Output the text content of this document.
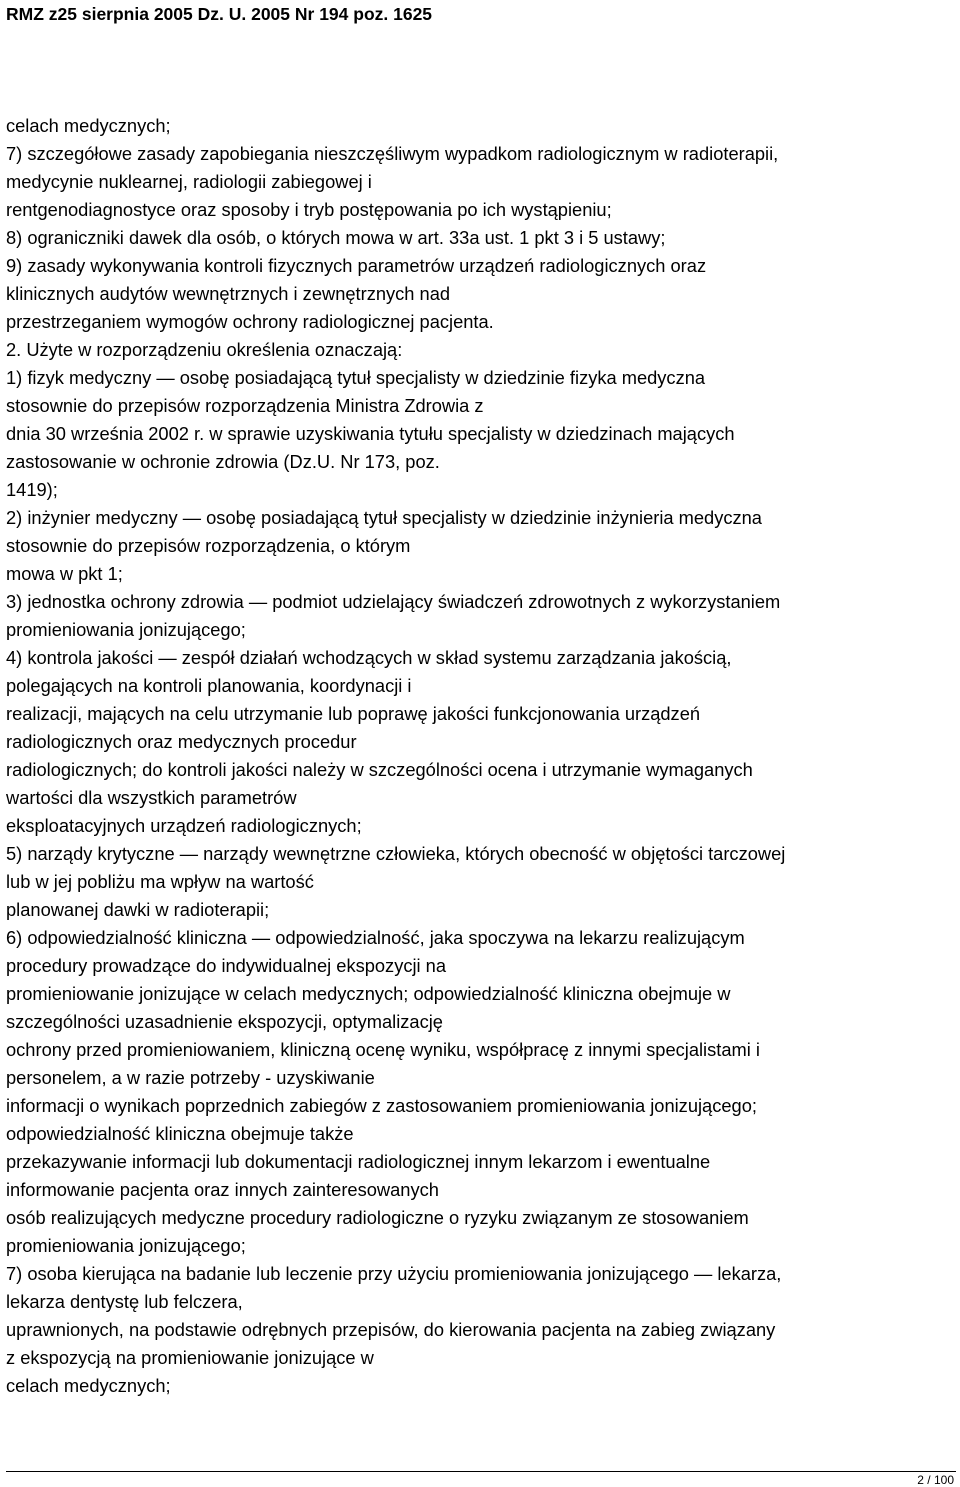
RMZ z25 sierpnia 2005 Dz. U. 2005 Nr 194 poz. 1625
celach medycznych;
7) szczegółowe zasady zapobiegania nieszczęśliwym wypadkom radiologicznym w radioterapii,
medycynie nuklearnej, radiologii zabiegowej i
rentgenodiagnostyce oraz sposoby i tryb postępowania po ich wystąpieniu;
8) ograniczniki dawek dla osób, o których mowa w art. 33a ust. 1 pkt 3 i 5 ustawy;
9) zasady wykonywania kontroli fizycznych parametrów urządzeń radiologicznych oraz
klinicznych audytów wewnętrznych i zewnętrznych nad
przestrzeganiem wymogów ochrony radiologicznej pacjenta.
2. Użyte w rozporządzeniu określenia oznaczają:
1) fizyk medyczny — osobę posiadającą tytuł specjalisty w dziedzinie fizyka medyczna
stosownie do przepisów rozporządzenia Ministra Zdrowia z
dnia 30 września 2002 r. w sprawie uzyskiwania tytułu specjalisty w dziedzinach mających
zastosowanie w ochronie zdrowia (Dz.U. Nr 173, poz.
1419);
2) inżynier medyczny — osobę posiadającą tytuł specjalisty w dziedzinie inżynieria medyczna
stosownie do przepisów rozporządzenia, o którym
mowa w pkt 1;
3) jednostka ochrony zdrowia — podmiot udzielający świadczeń zdrowotnych z wykorzystaniem
promieniowania jonizującego;
4) kontrola jakości — zespół działań wchodzących w skład systemu zarządzania jakością,
polegających na kontroli planowania, koordynacji i
realizacji, mających na celu utrzymanie lub poprawę jakości funkcjonowania urządzeń
radiologicznych oraz medycznych procedur
radiologicznych; do kontroli jakości należy w szczególności ocena i utrzymanie wymaganych
wartości dla wszystkich parametrów
eksploatacyjnych urządzeń radiologicznych;
5) narządy krytyczne — narządy wewnętrzne człowieka, których obecność w objętości tarczowej
lub w jej pobliżu ma wpływ na wartość
planowanej dawki w radioterapii;
6) odpowiedzialność kliniczna — odpowiedzialność, jaka spoczywa na lekarzu realizującym
procedury prowadzące do indywidualnej ekspozycji na
promieniowanie jonizujące w celach medycznych; odpowiedzialność kliniczna obejmuje w
szczególności uzasadnienie ekspozycji, optymalizację
ochrony przed promieniowaniem, kliniczną ocenę wyniku, współpracę z innymi specjalistami i
personelem, a w razie potrzeby - uzyskiwanie
informacji o wynikach poprzednich zabiegów z zastosowaniem promieniowania jonizującego;
odpowiedzialność kliniczna obejmuje także
przekazywanie informacji lub dokumentacji radiologicznej innym lekarzom i ewentualne
informowanie pacjenta oraz innych zainteresowanych
osób realizujących medyczne procedury radiologiczne o ryzyku związanym ze stosowaniem
promieniowania jonizującego;
7) osoba kierująca na badanie lub leczenie przy użyciu promieniowania jonizującego — lekarza,
lekarza dentystę lub felczera,
uprawnionych, na podstawie odrębnych przepisów, do kierowania pacjenta na zabieg związany
z ekspozycją na promieniowanie jonizujące w
celach medycznych;
2 / 100
